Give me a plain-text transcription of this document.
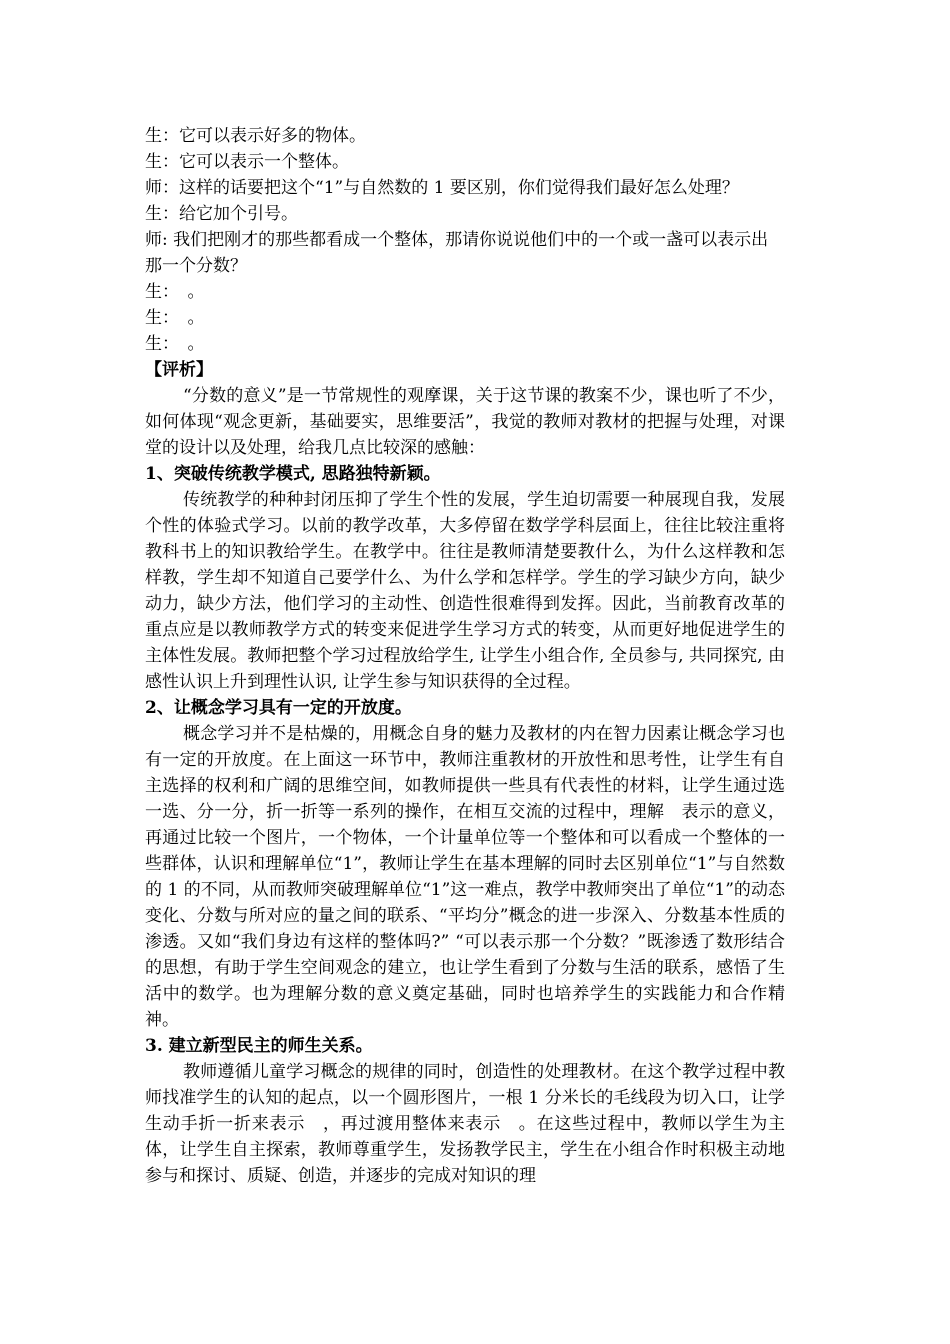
生：它可以表示好多的物体。

生：它可以表示一个整体。

师：这样的话要把这个“1”与自然数的 1 要区别，你们觉得我们最好怎么处理？

生：给它加个引号。

师: 我们把刚才的那些都看成一个整体，那请你说说他们中的一个或一盏可以表示出那一个分数？

生：　。

生：　。

生：　。

【评析】

“分数的意义”是一节常规性的观摩课，关于这节课的教案不少，课也听了不少，如何体现“观念更新，基础要实，思维要活”，我觉的教师对教材的把握与处理，对课堂的设计以及处理，给我几点比较深的感触：

1、突破传统教学模式, 思路独特新颖。

传统教学的种种封闭压抑了学生个性的发展，学生迫切需要一种展现自我，发展个性的体验式学习。以前的教学改革，大多停留在数学学科层面上，往往比较注重将教科书上的知识教给学生。在教学中。往往是教师清楚要教什么，为什么这样教和怎样教，学生却不知道自己要学什么、为什么学和怎样学。学生的学习缺少方向，缺少动力，缺少方法，他们学习的主动性、创造性很难得到发挥。因此，当前教育改革的重点应是以教师教学方式的转变来促进学生学习方式的转变，从而更好地促进学生的主体性发展。教师把整个学习过程放给学生, 让学生小组合作, 全员参与, 共同探究, 由感性认识上升到理性认识, 让学生参与知识获得的全过程。

2、让概念学习具有一定的开放度。

概念学习并不是枯燥的，用概念自身的魅力及教材的内在智力因素让概念学习也有一定的开放度。在上面这一环节中，教师注重教材的开放性和思考性，让学生有自主选择的权利和广阔的思维空间，如教师提供一些具有代表性的材料，让学生通过选一选、分一分，折一折等一系列的操作，在相互交流的过程中，理解　表示的意义，再通过比较一个图片，一个物体，一个计量单位等一个整体和可以看成一个整体的一些群体，认识和理解单位“1”，教师让学生在基本理解的同时去区别单位“1”与自然数的 1 的不同，从而教师突破理解单位“1”这一难点，教学中教师突出了单位“1”的动态变化、分数与所对应的量之间的联系、“平均分”概念的进一步深入、分数基本性质的渗透。又如“我们身边有这样的整体吗?” “可以表示那一个分数？”既渗透了数形结合的思想，有助于学生空间观念的建立，也让学生看到了分数与生活的联系，感悟了生活中的数学。也为理解分数的意义奠定基础，同时也培养学生的实践能力和合作精神。

3. 建立新型民主的师生关系。

教师遵循儿童学习概念的规律的同时，创造性的处理教材。在这个教学过程中教师找准学生的认知的起点，以一个圆形图片，一根 1 分米长的毛线段为切入口，让学生动手折一折来表示　，再过渡用整体来表示　。在这些过程中，教师以学生为主体，让学生自主探索，教师尊重学生，发扬教学民主，学生在小组合作时积极主动地参与和探讨、质疑、创造，并逐步的完成对知识的理
